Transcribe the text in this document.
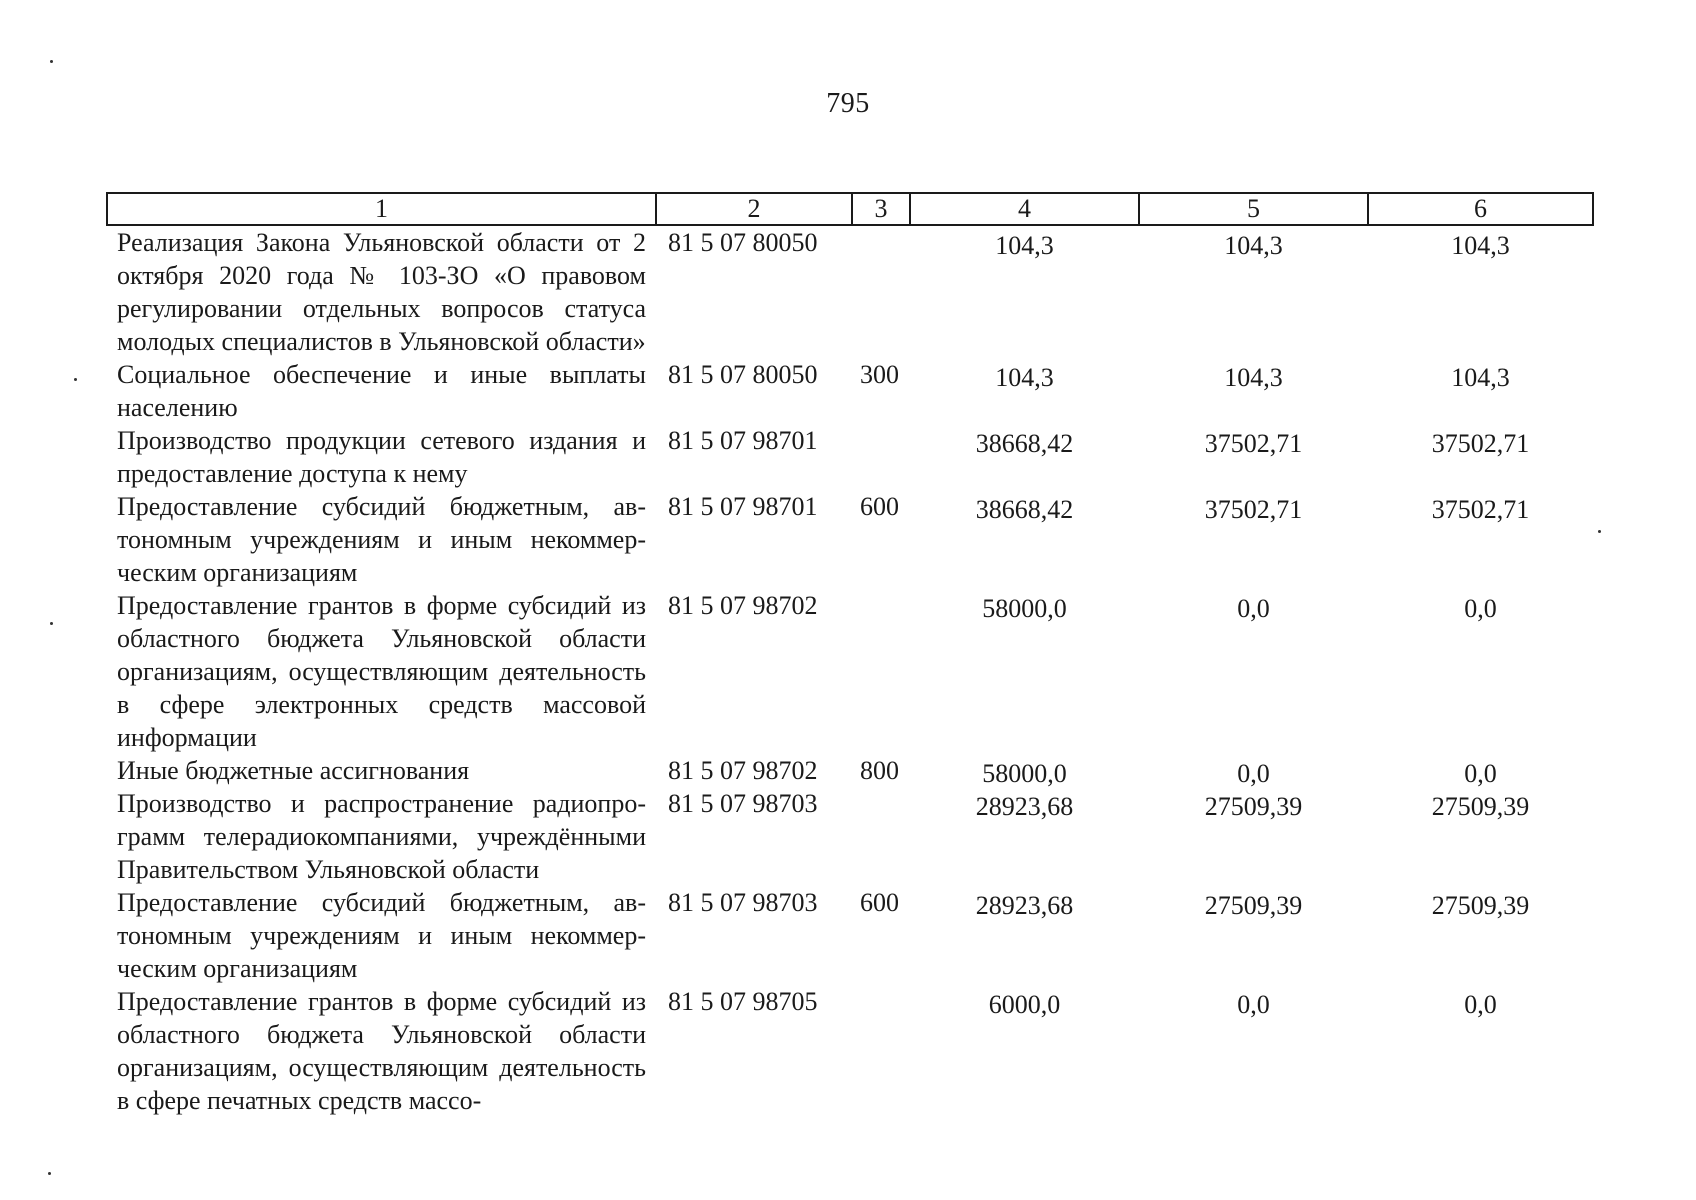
795
1	2	3	4	5	6
Реализация Закона Ульяновской области от 2 октября 2020 года № 103-ЗО «О правовом регулировании отдельных вопросов статуса молодых специалистов в Ульяновской области»	81 5 07 80050		104,3	104,3	104,3
Социальное обеспечение и иные выплаты населению	81 5 07 80050	300	104,3	104,3	104,3
Производство продукции сетевого издания и предоставление доступа к нему	81 5 07 98701		38668,42	37502,71	37502,71
Предоставление субсидий бюджетным, автономным учреждениям и иным некоммерческим организациям	81 5 07 98701	600	38668,42	37502,71	37502,71
Предоставление грантов в форме субсидий из областного бюджета Ульяновской области организациям, осуществляющим деятельность в сфере электронных средств массовой информации	81 5 07 98702		58000,0	0,0	0,0
Иные бюджетные ассигнования	81 5 07 98702	800	58000,0	0,0	0,0
Производство и распространение радиопрограмм телерадиокомпаниями, учреждёнными Правительством Ульяновской области	81 5 07 98703		28923,68	27509,39	27509,39
Предоставление субсидий бюджетным, автономным учреждениям и иным некоммерческим организациям	81 5 07 98703	600	28923,68	27509,39	27509,39
Предоставление грантов в форме субсидий из областного бюджета Ульяновской области организациям, осуществляющим деятельность в сфере печатных средств массо-	81 5 07 98705		6000,0	0,0	0,0
